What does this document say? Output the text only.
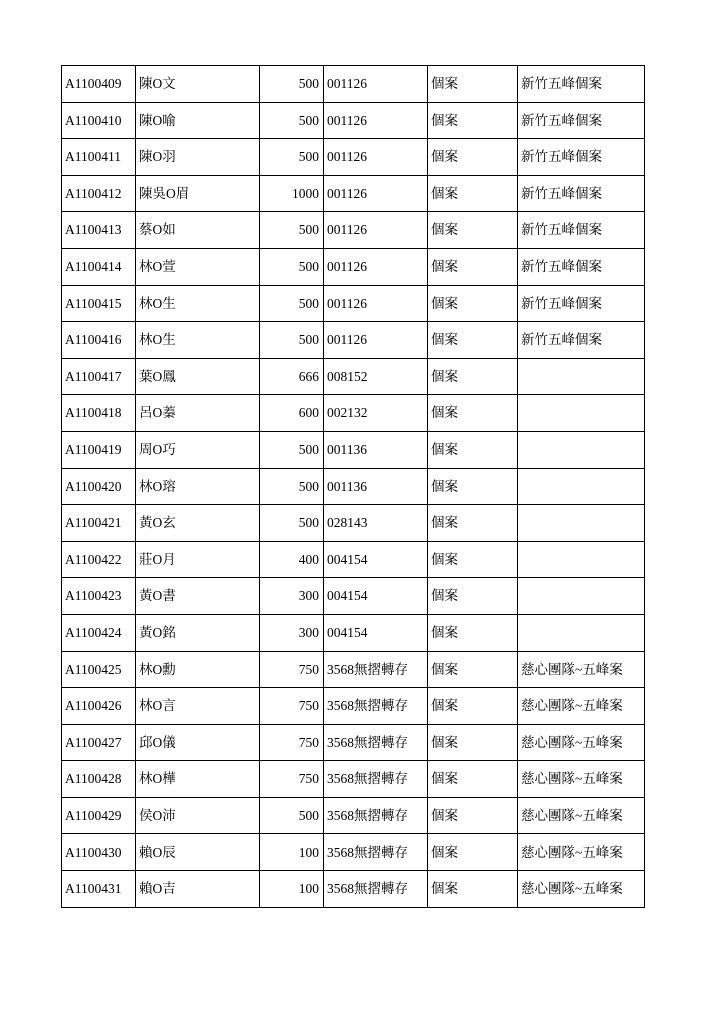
A1100409	陳O文	500	001126	個案	新竹五峰個案
A1100410	陳O喻	500	001126	個案	新竹五峰個案
A1100411	陳O羽	500	001126	個案	新竹五峰個案
A1100412	陳吳O眉	1000	001126	個案	新竹五峰個案
A1100413	蔡O如	500	001126	個案	新竹五峰個案
A1100414	林O萱	500	001126	個案	新竹五峰個案
A1100415	林O生	500	001126	個案	新竹五峰個案
A1100416	林O生	500	001126	個案	新竹五峰個案
A1100417	葉O鳳	666	008152	個案	
A1100418	呂O蓁	600	002132	個案	
A1100419	周O巧	500	001136	個案	
A1100420	林O瑢	500	001136	個案	
A1100421	黃O玄	500	028143	個案	
A1100422	莊O月	400	004154	個案	
A1100423	黃O書	300	004154	個案	
A1100424	黃O銘	300	004154	個案	
A1100425	林O勳	750	3568無摺轉存	個案	慈心團隊~五峰案
A1100426	林O言	750	3568無摺轉存	個案	慈心團隊~五峰案
A1100427	邱O儀	750	3568無摺轉存	個案	慈心團隊~五峰案
A1100428	林O樺	750	3568無摺轉存	個案	慈心團隊~五峰案
A1100429	侯O沛	500	3568無摺轉存	個案	慈心團隊~五峰案
A1100430	賴O辰	100	3568無摺轉存	個案	慈心團隊~五峰案
A1100431	賴O吉	100	3568無摺轉存	個案	慈心團隊~五峰案
